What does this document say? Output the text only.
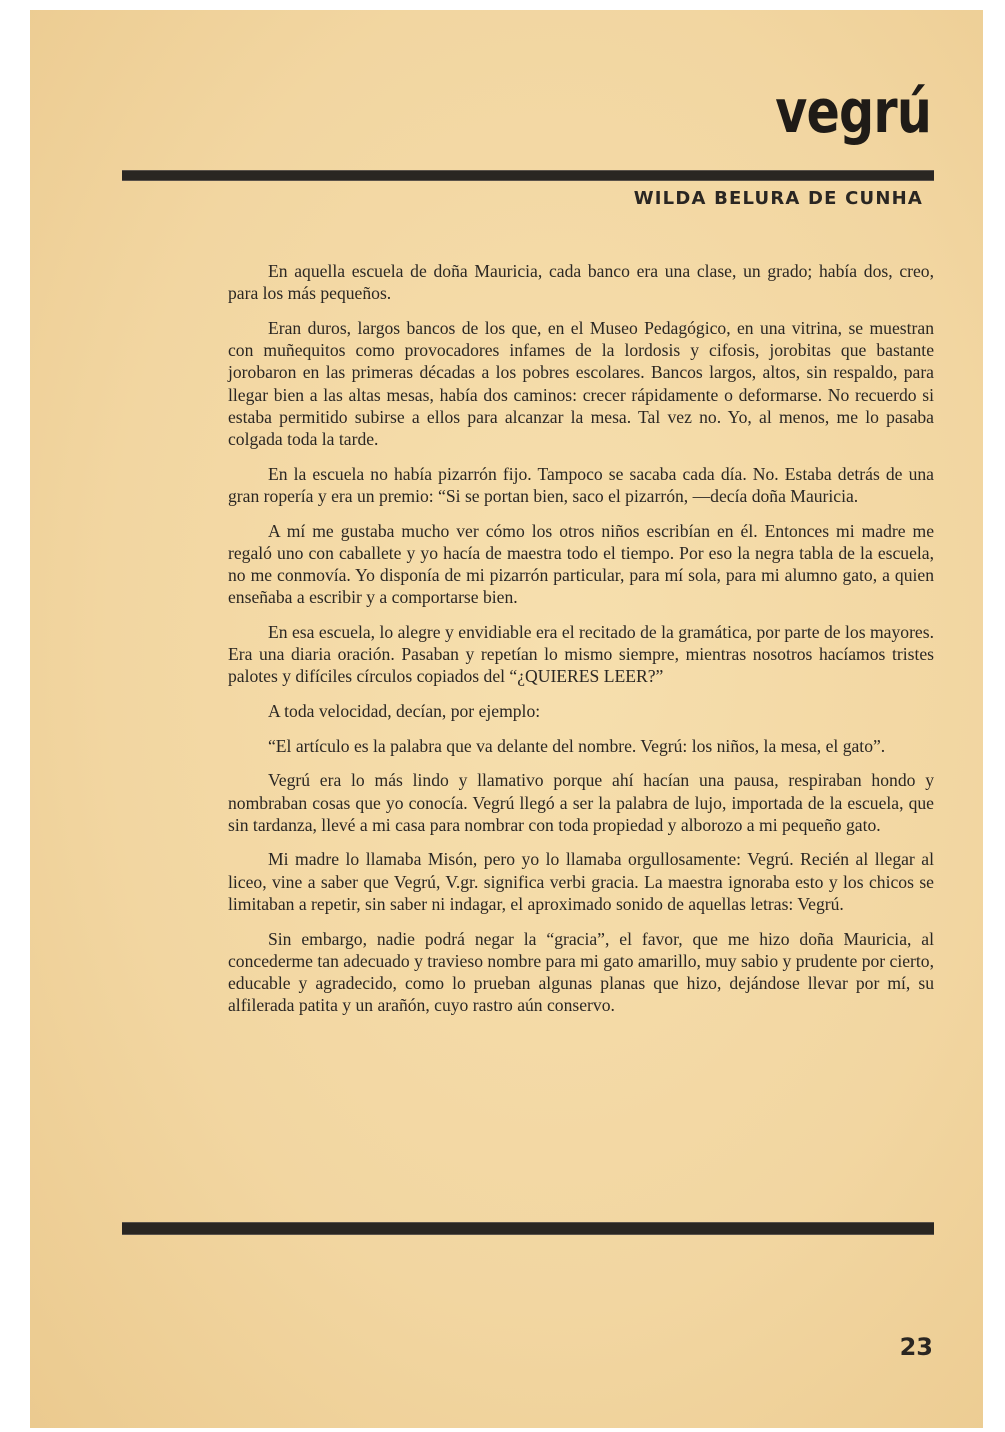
vegrú
WILDA BELURA DE CUNHA

En aquella escuela de doña Mauricia, cada banco era una clase, un grado; había dos, creo, para los más pequeños.

Eran duros, largos bancos de los que, en el Museo Pedagógico, en una vitrina, se muestran con muñequitos como provocadores infames de la lordosis y cifosis, jorobitas que bastante jorobaron en las primeras décadas a los pobres escolares. Bancos largos, altos, sin respaldo, para llegar bien a las altas mesas, había dos caminos: crecer rápidamente o deformarse. No recuerdo si estaba permitido subirse a ellos para alcanzar la mesa. Tal vez no. Yo, al menos, me lo pasaba colgada toda la tarde.

En la escuela no había pizarrón fijo. Tampoco se sacaba cada día. No. Estaba detrás de una gran ropería y era un premio: “Si se portan bien, saco el pizarrón, —decía doña Mauricia.

A mí me gustaba mucho ver cómo los otros niños escribían en él. Entonces mi madre me regaló uno con caballete y yo hacía de maestra todo el tiempo. Por eso la negra tabla de la escuela, no me conmovía. Yo disponía de mi pizarrón particular, para mí sola, para mi alumno gato, a quien enseñaba a escribir y a comportarse bien.

En esa escuela, lo alegre y envidiable era el recitado de la gramática, por parte de los mayores. Era una diaria oración. Pasaban y repetían lo mismo siempre, mientras nosotros hacíamos tristes palotes y difíciles círculos copiados del “¿QUIERES LEER?”

A toda velocidad, decían, por ejemplo:

“El artículo es la palabra que va delante del nombre. Vegrú: los niños, la mesa, el gato”.

Vegrú era lo más lindo y llamativo porque ahí hacían una pausa, respiraban hondo y nombraban cosas que yo conocía. Vegrú llegó a ser la palabra de lujo, importada de la escuela, que sin tardanza, llevé a mi casa para nombrar con toda propiedad y alborozo a mi pequeño gato.

Mi madre lo llamaba Misón, pero yo lo llamaba orgullosamente: Vegrú. Recién al llegar al liceo, vine a saber que Vegrú, V.gr. significa verbi gracia. La maestra ignoraba esto y los chicos se limitaban a repetir, sin saber ni indagar, el aproximado sonido de aquellas letras: Vegrú.

Sin embargo, nadie podrá negar la “gracia”, el favor, que me hizo doña Mauricia, al concederme tan adecuado y travieso nombre para mi gato amarillo, muy sabio y prudente por cierto, educable y agradecido, como lo prueban algunas planas que hizo, dejándose llevar por mí, su alfilerada patita y un arañón, cuyo rastro aún conservo.

23
